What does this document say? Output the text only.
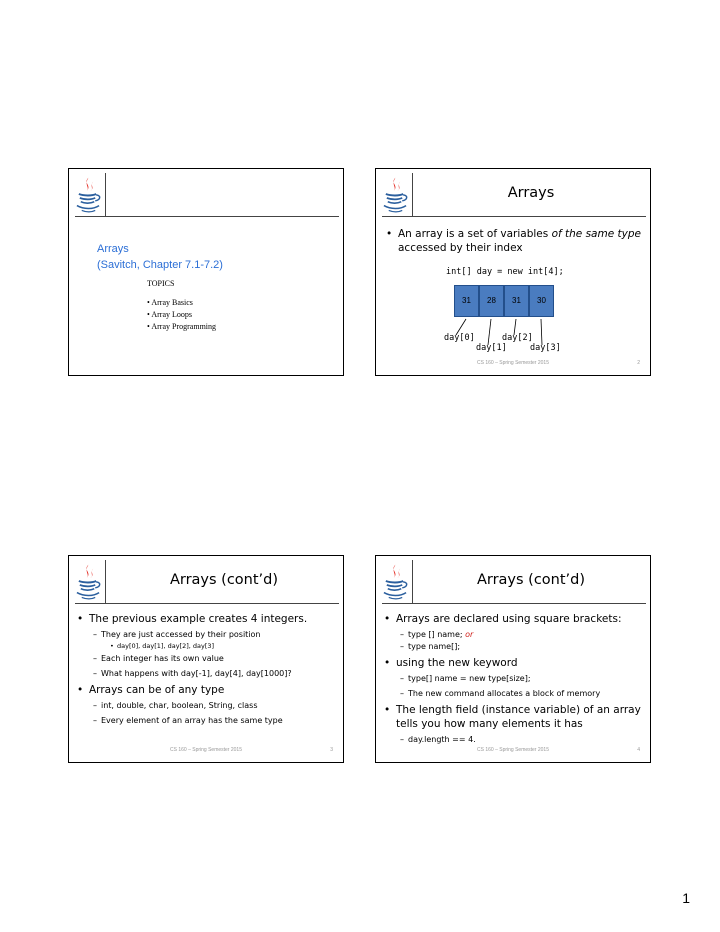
Arrays
(Savitch, Chapter 7.1-7.2)
TOPICS
• Array Basics
• Array Loops
• Array Programming
Arrays
• An array is a set of variables of the same type accessed by their index
int[] day = new int[4];
31	28	31	30
day[0]
day[1]
day[2]
day[3]
CS 160 – Spring Semester 2015	2
Arrays (cont’d)
• The previous example creates 4 integers.
– They are just accessed by their position
• day[0], day[1], day[2], day[3]
– Each integer has its own value
– What happens with day[-1], day[4], day[1000]?
• Arrays can be of any type
– int, double, char, boolean, String, class
– Every element of an array has the same type
CS 160 – Spring Semester 2015	3
Arrays (cont’d)
• Arrays are declared using square brackets:
– type [] name; or
– type name[];
• using the new keyword
– type[] name = new type[size];
– The new command allocates a block of memory
• The length field (instance variable) of an array tells you how many elements it has
– day.length == 4.
CS 160 – Spring Semester 2015	4
1
